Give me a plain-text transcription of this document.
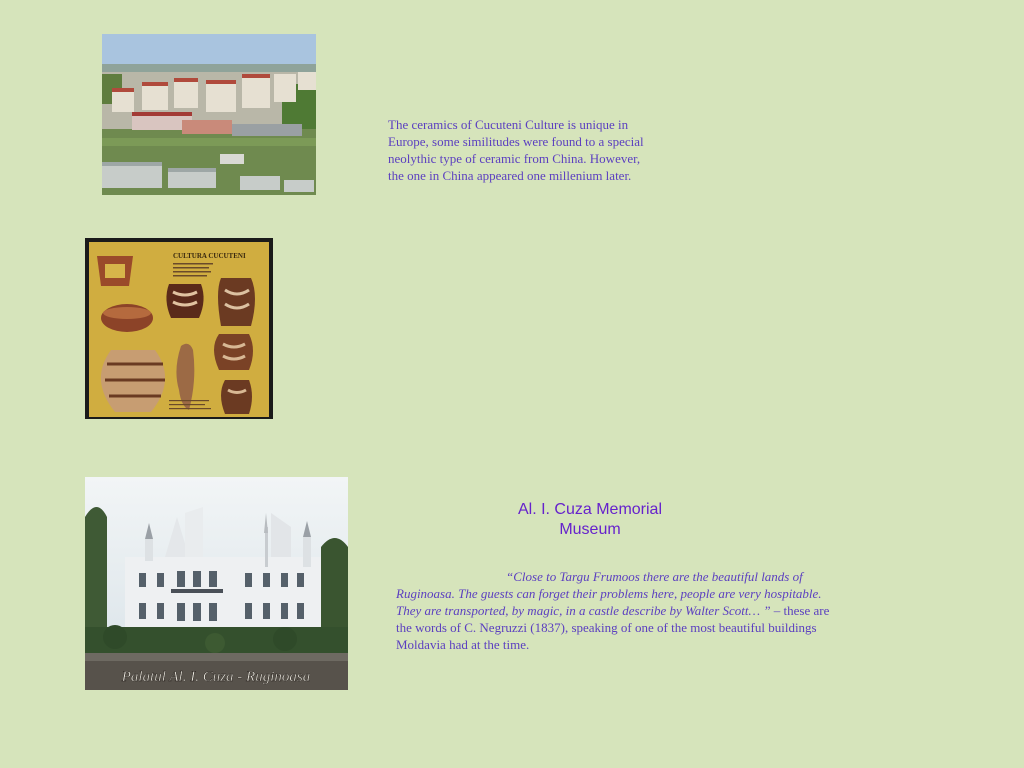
CULTURA CUCUTENI
Palatul Al. I. Cuza - Ruginoasa
The ceramics of Cucuteni Culture is unique in Europe, some similitudes were found to a special neolythic type of ceramic from China. However, the one in China appeared one millenium later.
Al. I. Cuza Memorial
Museum
“Close to Targu Frumoos there are the beautiful lands of Ruginoasa. The guests can forget their problems here, people are very hospitable. They are transported, by magic, in a castle describe by Walter Scott… ” – these are the words of C. Negruzzi (1837), speaking of one of the most beautiful buildings Moldavia had at the time.
